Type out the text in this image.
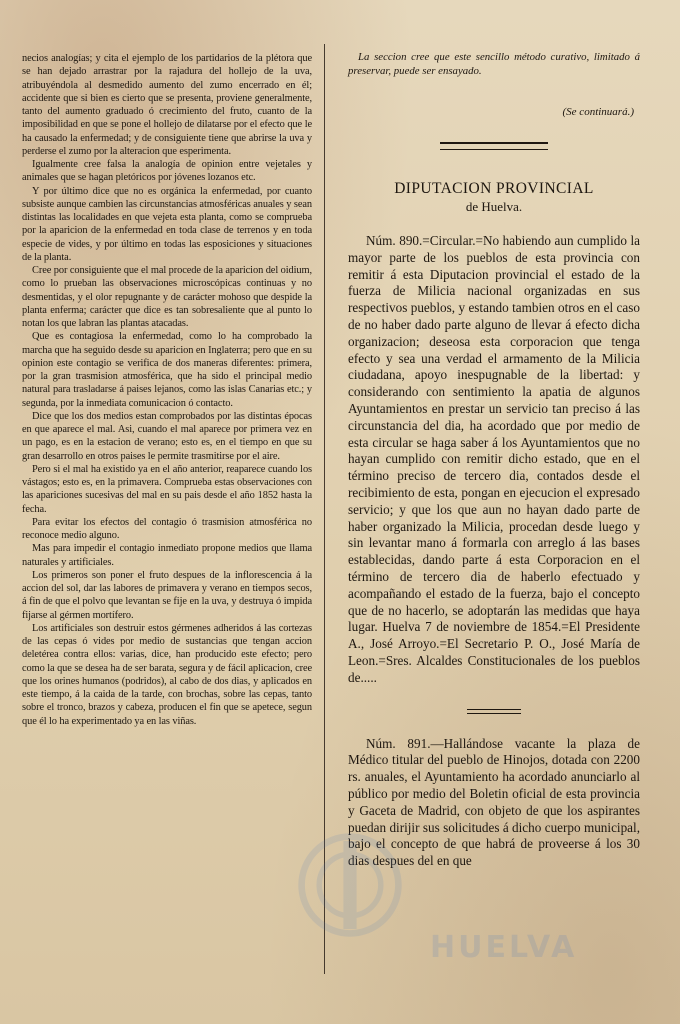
necios analogías; y cita el ejemplo de los partidarios de la plétora que se han dejado arrastrar por la rajadura del hollejo de la uva, atribuyéndola al desmedido aumento del zumo encerrado en él; accidente que si bien es cierto que se presenta, proviene generalmente, tanto del aumento graduado ó crecimiento del fruto, cuanto de la imposibilidad en que se pone el hollejo de dilatarse por el efecto que le ha causado la enfermedad; y de consiguiente tiene que abrirse la uva y perderse el zumo por la alteracion que esperimenta.

Igualmente cree falsa la analogía de opinion entre vejetales y animales que se hagan pletóricos por jóvenes lozanos etc.

Y por último dice que no es orgánica la enfermedad, por cuanto subsiste aunque cambien las circunstancias atmosféricas anuales y sean distintas las localidades en que vejeta esta planta, como se comprueba por la aparicion de la enfermedad en toda clase de terrenos y en toda especie de vides, y por último en todas las esposiciones y situaciones de la planta.

Cree por consiguiente que el mal procede de la aparicion del oidium, como lo prueban las observaciones microscópicas continuas y no desmentidas, y el olor repugnante y de carácter mohoso que despide la planta enferma; carácter que dice es tan sobresaliente que al punto lo notan los que labran las plantas atacadas.

Que es contagiosa la enfermedad, como lo ha comprobado la marcha que ha seguido desde su aparicion en Inglaterra; pero que en su opinion este contagio se verifica de dos maneras diferentes: primera, por la gran trasmision atmosférica, que ha sido el principal medio natural para trasladarse á paises lejanos, como las islas Canarias etc.; y segunda, por la inmediata comunicacion ó contacto.

Dice que los dos medios estan comprobados por las distintas épocas en que aparece el mal. Asi, cuando el mal aparece por primera vez en un pago, es en la estacion de verano; esto es, en el tiempo en que su gran desarrollo en otros paises le permite trasmitirse por el aire.

Pero si el mal ha existido ya en el año anterior, reaparece cuando los vástagos; esto es, en la primavera. Comprueba estas observaciones con las apariciones sucesivas del mal en su pais desde el año 1852 hasta la fecha.

Para evitar los efectos del contagio ó trasmision atmosférica no reconoce medio alguno.

Mas para impedir el contagio inmediato propone medios que llama naturales y artificiales.

Los primeros son poner el fruto despues de la inflorescencia á la accion del sol, dar las labores de primavera y verano en tiempos secos, á fin de que el polvo que levantan se fije en la uva, y destruya ó impida fijarse al gérmen mortífero.

Los artificiales son destruir estos gérmenes adheridos á las cortezas de las cepas ó vides por medio de sustancias que tengan accion deletérea contra ellos: varias, dice, han producido este efecto; pero como la que se desea ha de ser barata, segura y de fácil aplicacion, cree que los orines humanos (podridos), al cabo de dos dias, y aplicados en este tiempo, á la caida de la tarde, con brochas, sobre las cepas, tanto sobre el tronco, brazos y cabeza, producen el fin que se apetece, segun que él lo ha experimentado ya en las viñas.

La seccion cree que este sencillo método curativo, limitado á preservar, puede ser ensayado.

(Se continuará.)
DIPUTACION PROVINCIAL
de Huelva.

Núm. 890.=Circular.=No habiendo aun cumplido la mayor parte de los pueblos de esta provincia con remitir á esta Diputacion provincial el estado de la fuerza de Milicia nacional organizadas en sus respectivos pueblos, y estando tambien otros en el caso de no haber dado parte alguno de llevar á efecto dicha organizacion; deseosa esta corporacion que tenga efecto y sea una verdad el armamento de la Milicia ciudadana, apoyo inespugnable de la libertad: y considerando con sentimiento la apatia de algunos Ayuntamientos en prestar un servicio tan preciso á las circunstancia del dia, ha acordado que por medio de esta circular se haga saber á los Ayuntamientos que no hayan cumplido con remitir dicho estado, que en el término preciso de tercero dia, contados desde el recibimiento de esta, pongan en ejecucion el expresado servicio; y que los que aun no hayan dado parte de haber organizado la Milicia, procedan desde luego y sin levantar mano á formarla con arreglo á las bases establecidas, dando parte á esta Corporacion en el término de tercero dia de haberlo efectuado y acompañando el estado de la fuerza, bajo el concepto que de no hacerlo, se adoptarán las medidas que haya lugar. Huelva 7 de noviembre de 1854.=El Presidente A., José Arroyo.=El Secretario P. O., José María de Leon.=Sres. Alcaldes Constitucionales de los pueblos de.....

Núm. 891.—Hallándose vacante la plaza de Médico titular del pueblo de Hinojos, dotada con 2200 rs. anuales, el Ayuntamiento ha acordado anunciarlo al público por medio del Boletin oficial de esta provincia y Gaceta de Madrid, con objeto de que los aspirantes puedan dirijir sus solicitudes á dicho cuerpo municipal, bajo el concepto de que habrá de proveerse á los 30 dias despues del en que

HUELVA
